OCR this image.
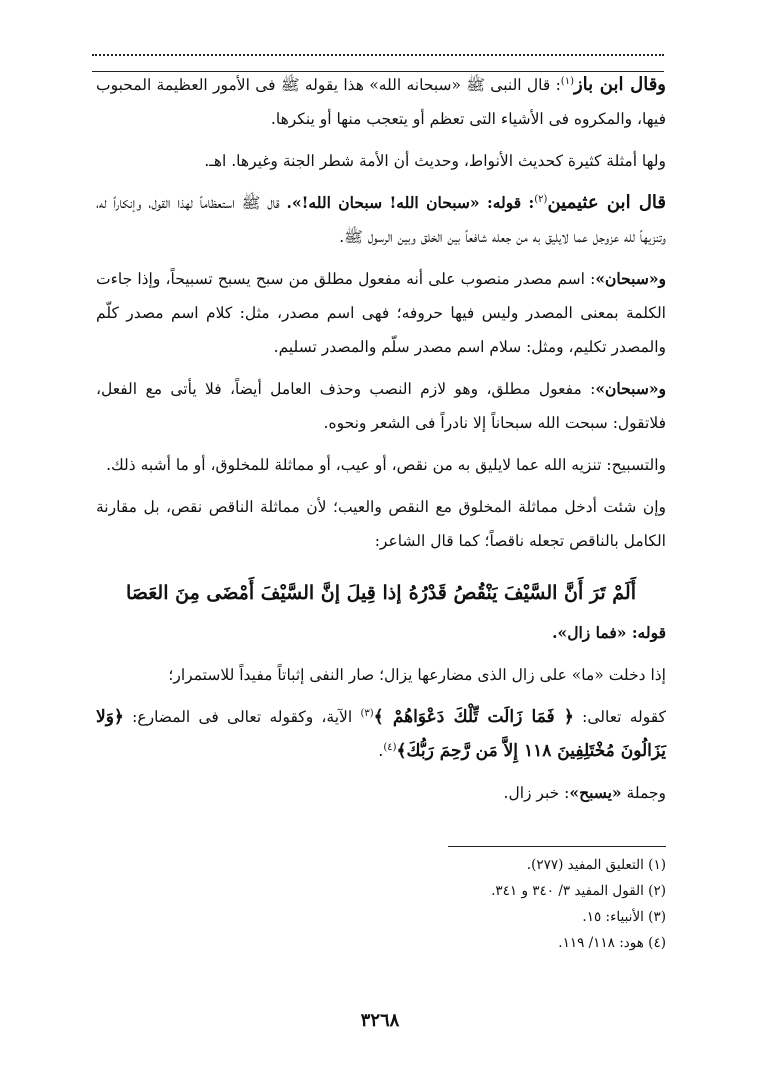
وقال ابن باز$^{(١)}$: قال النبى ﷺ «سبحانه الله» هذا يقوله ﷺ فى الأمور العظيمة المحبوب فيها، والمكروه فى الأشياء التى تعظم أو يتعجب منها أو ينكرها.

ولها أمثلة كثيرة كحديث الأنواط، وحديث أن الأمة شطر الجنة وغيرها. اهـ.

قال ابن عثيمين$^{(٢)}$: قوله: «سبحان الله! سبحان الله!». قال ﷺ استعظاماً لهذا القول، وإنكاراً له، وتنزيهاً لله عزوجل عما لايليق به من جعله شافعاً بين الخلق وبين الرسول ﷺ.

و«سبحان»: اسم مصدر منصوب على أنه مفعول مطلق من سبح يسبح تسبيحاً، وإذا جاءت الكلمة بمعنى المصدر وليس فيها حروفه؛ فهى اسم مصدر، مثل: كلام اسم مصدر كلّم والمصدر تكليم، ومثل: سلام اسم مصدر سلّم والمصدر تسليم.

و«سبحان»: مفعول مطلق، وهو لازم النصب وحذف العامل أيضاً، فلا يأتى مع الفعل، فلاتقول: سبحت الله سبحاناً إلا نادراً فى الشعر ونحوه.

والتسبيح: تنزيه الله عما لايليق به من نقص، أو عيب، أو مماثلة للمخلوق، أو ما أشبه ذلك.

وإن شئت أدخل مماثلة المخلوق مع النقص والعيب؛ لأن مماثلة الناقص نقص، بل مقارنة الكامل بالناقص تجعله ناقصاً؛ كما قال الشاعر:

أَلَمْ تَرَ أَنَّ السَّيْفَ يَنْقُصُ قَدْرُهُ
إذا قِيلَ إنَّ السَّيْفَ أَمْضَى مِنَ العَصَا

قوله: «فما زال».

إذا دخلت «ما» على زال الذى مضارعها يزال؛ صار النفى إثباتاً مفيداً للاستمرار؛

كقوله تعالى: ﴿ فَمَا زَالَت تِّلْكَ دَعْوَاهُمْ ﴾$^{(٣)}$ الآية، وكقوله تعالى فى المضارع: ﴿وَلا يَزَالُونَ مُخْتَلِفِينَ ١١٨ إِلاَّ مَن رَّحِمَ رَبُّكَ﴾$^{(٤)}$.

وجملة «يسبح»: خبر زال.

(١) التعليق المفيد (٢٧٧).
(٢) القول المفيد ٣/ ٣٤٠ و ٣٤١.
(٣) الأنبياء: ١٥.
(٤) هود: ١١٨/ ١١٩.
٣٢٦٨
